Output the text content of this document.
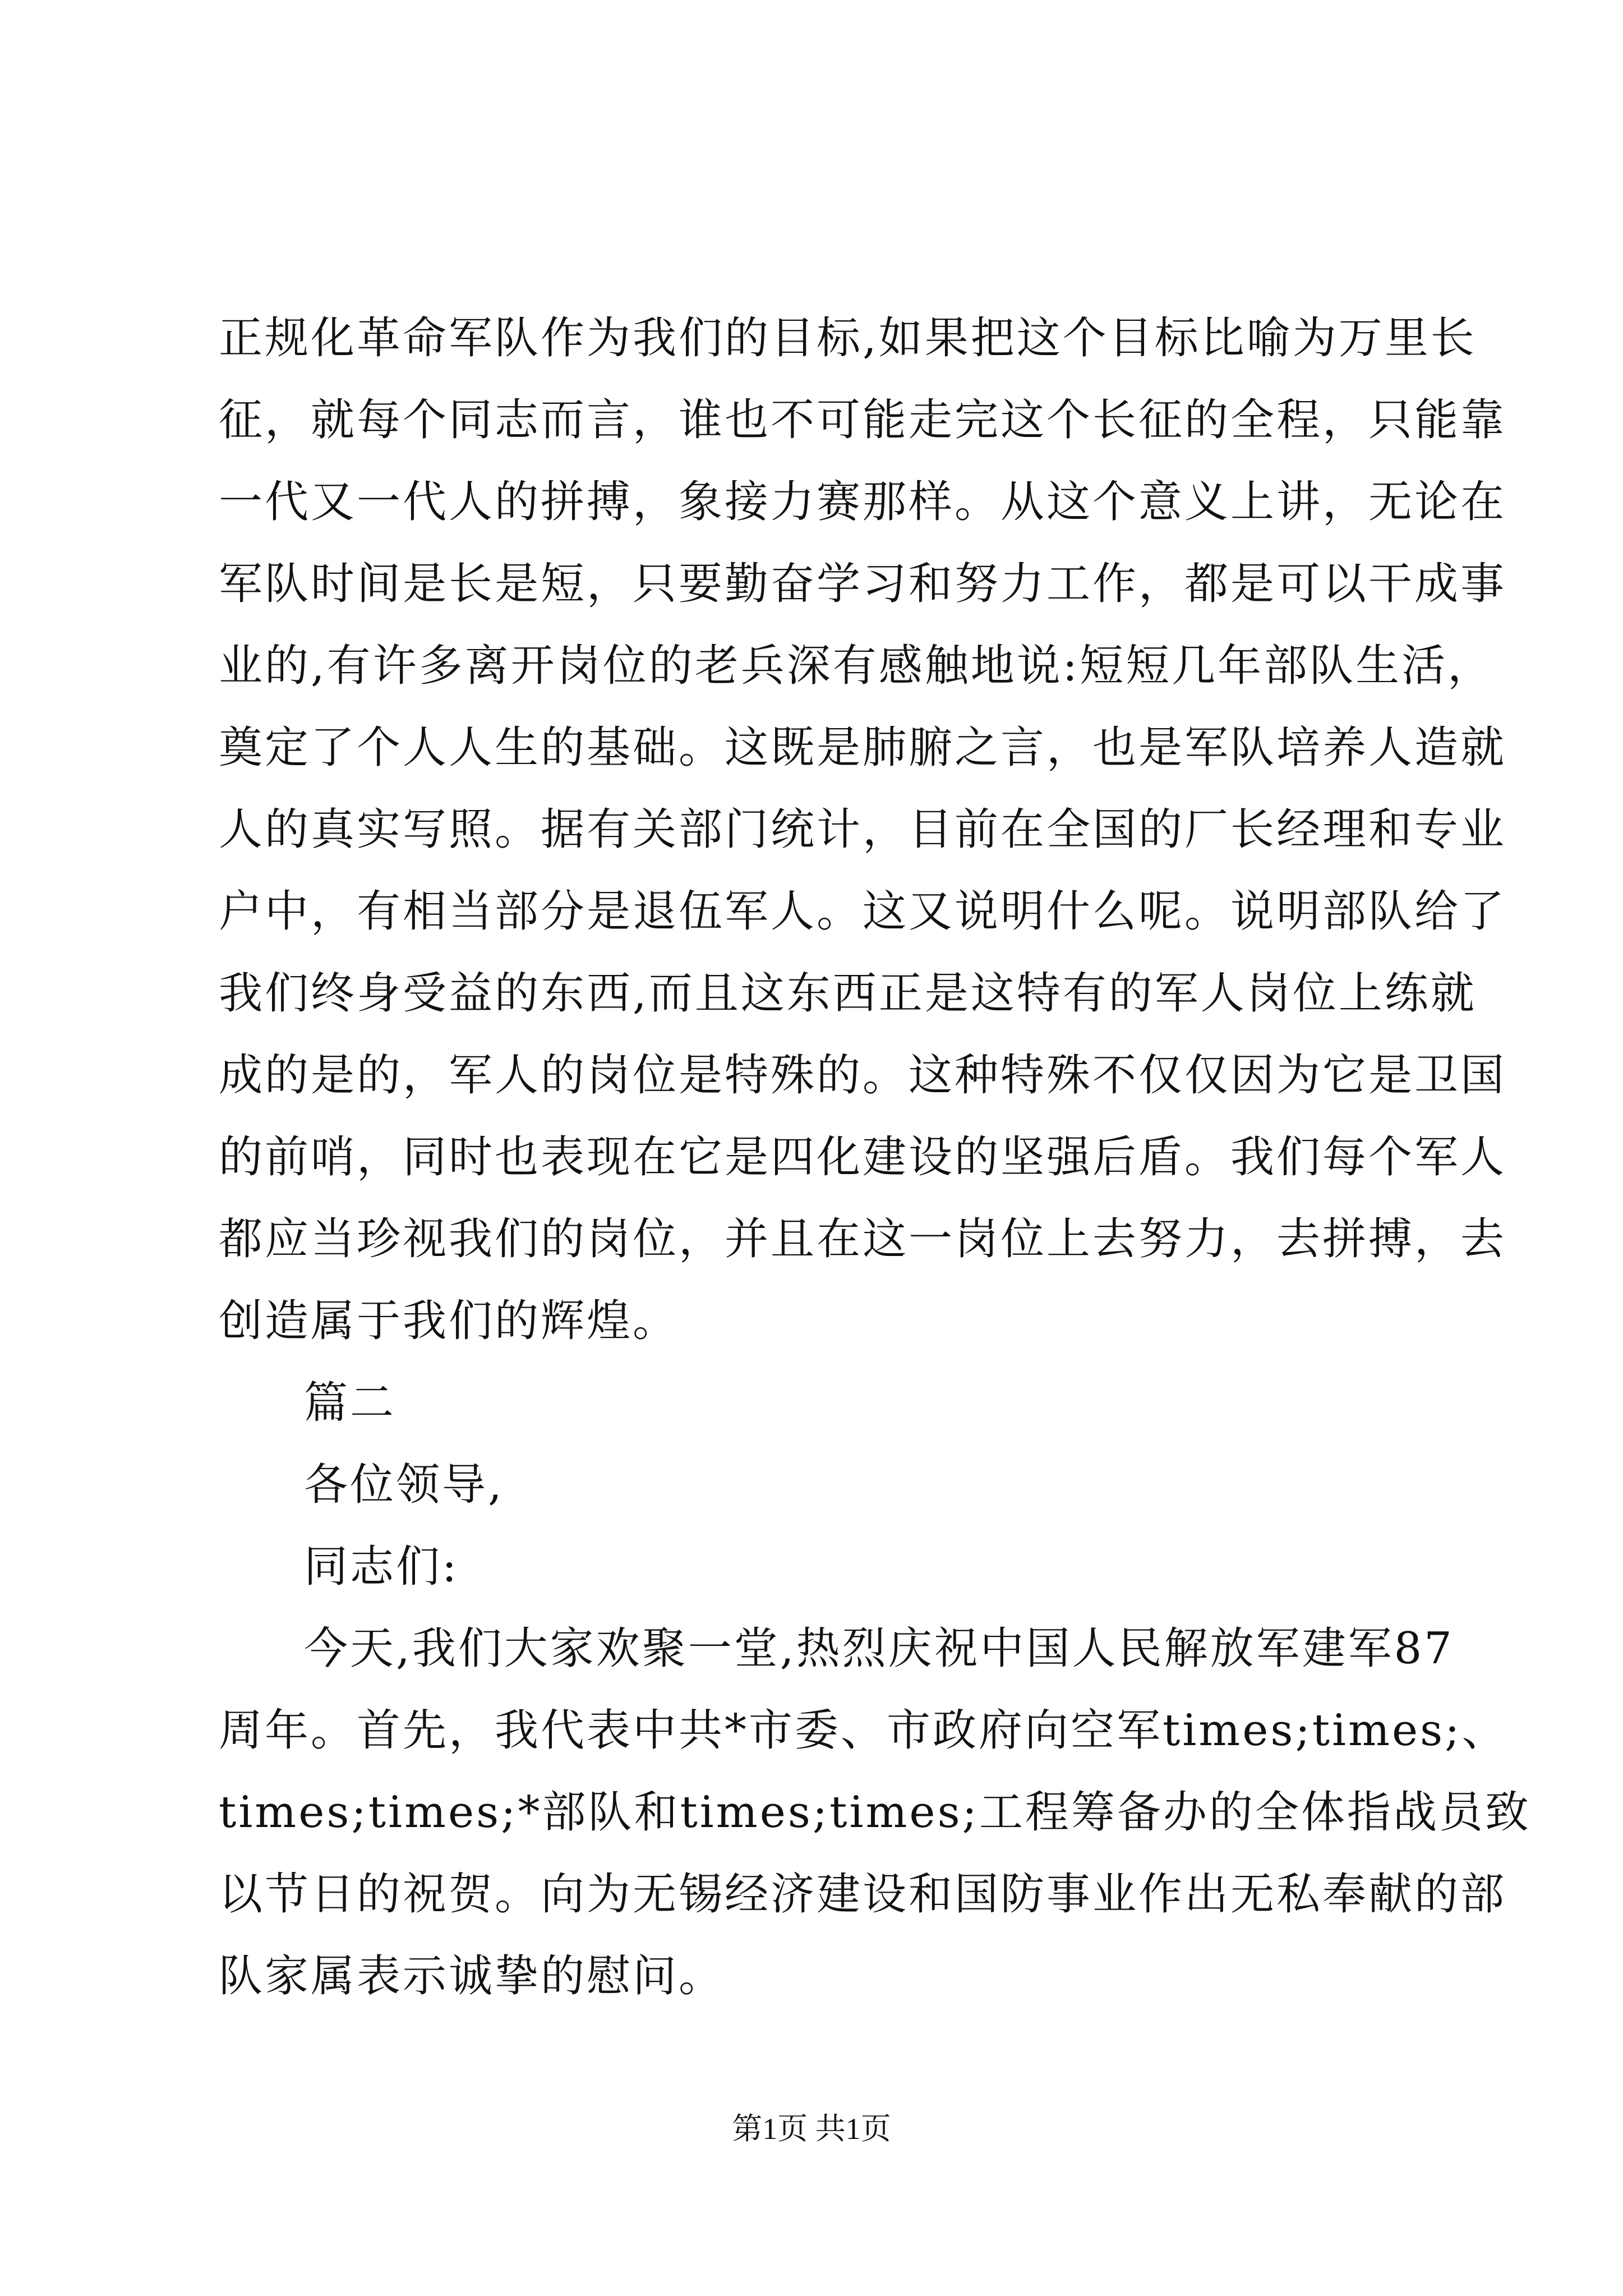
正规化革命军队作为我们的目标,如果把这个目标比喻为万里长
征，就每个同志而言，谁也不可能走完这个长征的全程，只能靠
一代又一代人的拼搏，象接力赛那样。从这个意义上讲，无论在
军队时间是长是短，只要勤奋学习和努力工作，都是可以干成事
业的,有许多离开岗位的老兵深有感触地说:短短几年部队生活，
奠定了个人人生的基础。这既是肺腑之言，也是军队培养人造就
人的真实写照。据有关部门统计，目前在全国的厂长经理和专业
户中，有相当部分是退伍军人。这又说明什么呢。说明部队给了
我们终身受益的东西,而且这东西正是这特有的军人岗位上练就
成的是的，军人的岗位是特殊的。这种特殊不仅仅因为它是卫国
的前哨，同时也表现在它是四化建设的坚强后盾。我们每个军人
都应当珍视我们的岗位，并且在这一岗位上去努力，去拼搏，去
创造属于我们的辉煌。
篇二
各位领导,
同志们:
今天,我们大家欢聚一堂,热烈庆祝中国人民解放军建军87
周年。首先，我代表中共*市委、市政府向空军times;times;、
times;times;*部队和times;times;工程筹备办的全体指战员致
以节日的祝贺。向为无锡经济建设和国防事业作出无私奉献的部
队家属表示诚挚的慰问。
第1页 共1页
